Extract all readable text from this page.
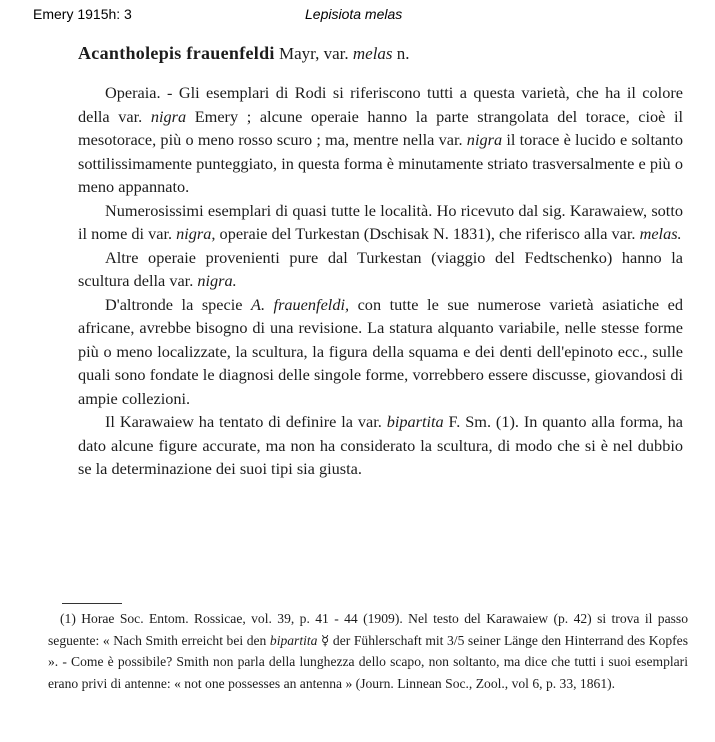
Emery 1915h: 3	Lepisiota melas
Acantholepis frauenfeldi Mayr, var. melas n.

Operaia. - Gli esemplari di Rodi si riferiscono tutti a questa varietà, che ha il colore della var. nigra Emery ; alcune operaie hanno la parte strangolata del torace, cioè il mesotorace, più o meno rosso scuro ; ma, mentre nella var. nigra il torace è lucido e soltanto sottilissimamente punteggiato, in questa forma è minutamente striato trasversalmente e più o meno appannato.

Numerosissimi esemplari di quasi tutte le località. Ho ricevuto dal sig. Karawaiew, sotto il nome di var. nigra, operaie del Turkestan (Dschisak N. 1831), che riferisco alla var. melas.

Altre operaie provenienti pure dal Turkestan (viaggio del Fedtschenko) hanno la scultura della var. nigra.

D'altronde la specie A. frauenfeldi, con tutte le sue numerose varietà asiatiche ed africane, avrebbe bisogno di una revisione. La statura alquanto variabile, nelle stesse forme più o meno localizzate, la scultura, la figura della squama e dei denti dell'epinoto ecc., sulle quali sono fondate le diagnosi delle singole forme, vorrebbero essere discusse, giovandosi di ampie collezioni.

Il Karawaiew ha tentato di definire la var. bipartita F. Sm. (1). In quanto alla forma, ha dato alcune figure accurate, ma non ha considerato la scultura, di modo che si è nel dubbio se la determinazione dei suoi tipi sia giusta.

(1) Horae Soc. Entom. Rossicae, vol. 39, p. 41 - 44 (1909). Nel testo del Karawaiew (p. 42) si trova il passo seguente: « Nach Smith erreicht bei den bipartita ☿ der Fühlerschaft mit 3/5 seiner Länge den Hinterrand des Kopfes ». - Come è possibile? Smith non parla della lunghezza dello scapo, non soltanto, ma dice che tutti i suoi esemplari erano privi di antenne: « not one possesses an antenna » (Journ. Linnean Soc., Zool., vol 6, p. 33, 1861).
